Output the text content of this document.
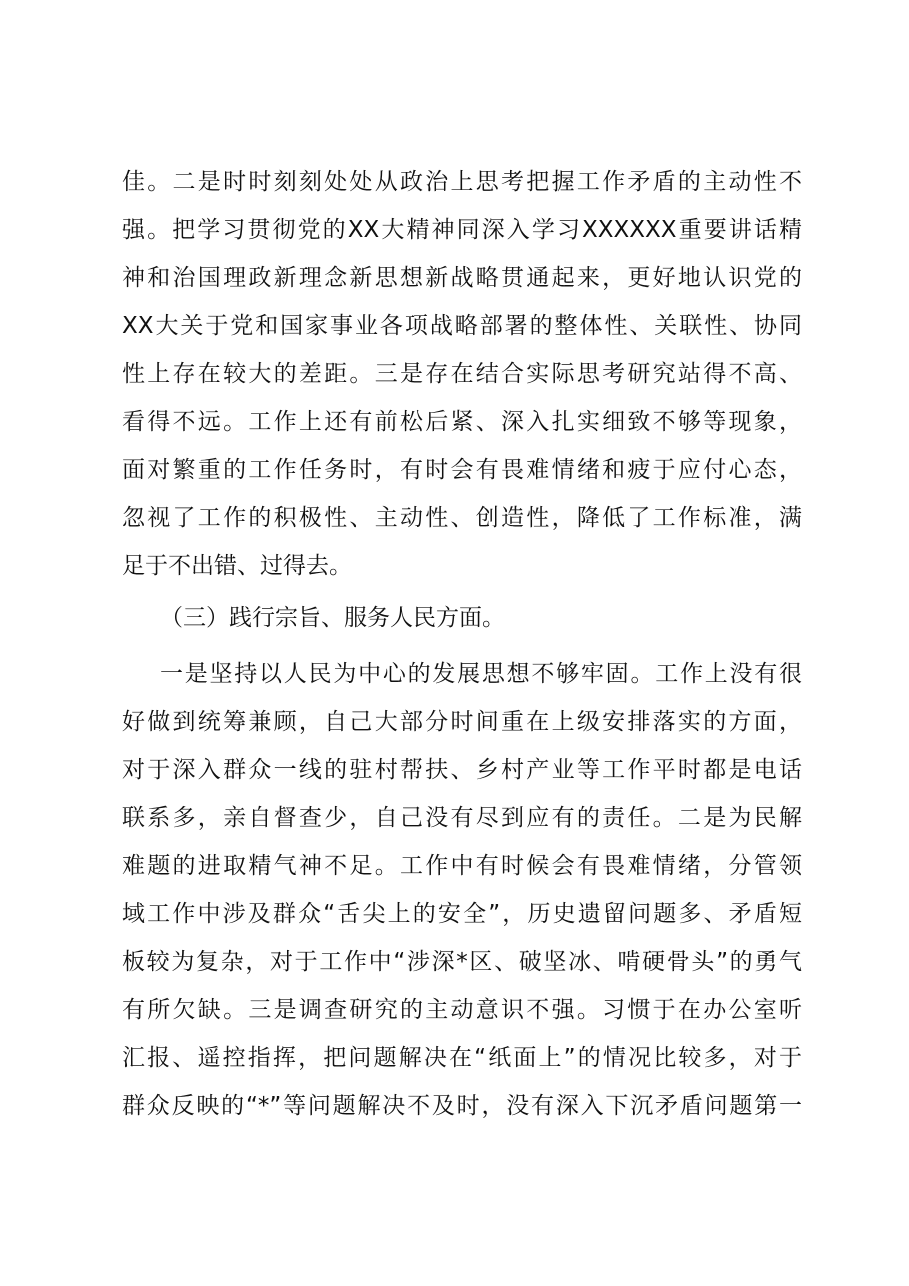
佳。二是时时刻刻处处从政治上思考把握工作矛盾的主动性不
强。把学习贯彻党的XX大精神同深入学习XXXXXX重要讲话精
神和治国理政新理念新思想新战略贯通起来，更好地认识党的
XX大关于党和国家事业各项战略部署的整体性、关联性、协同
性上存在较大的差距。三是存在结合实际思考研究站得不高、
看得不远。工作上还有前松后紧、深入扎实细致不够等现象，
面对繁重的工作任务时，有时会有畏难情绪和疲于应付心态，
忽视了工作的积极性、主动性、创造性，降低了工作标准，满
足于不出错、过得去。
（三）践行宗旨、服务人民方面。
一是坚持以人民为中心的发展思想不够牢固。工作上没有很
好做到统筹兼顾，自己大部分时间重在上级安排落实的方面，
对于深入群众一线的驻村帮扶、乡村产业等工作平时都是电话
联系多，亲自督查少，自己没有尽到应有的责任。二是为民解
难题的进取精气神不足。工作中有时候会有畏难情绪，分管领
域工作中涉及群众“舌尖上的安全”，历史遗留问题多、矛盾短
板较为复杂，对于工作中“涉深*区、破坚冰、啃硬骨头”的勇气
有所欠缺。三是调查研究的主动意识不强。习惯于在办公室听
汇报、遥控指挥，把问题解决在“纸面上”的情况比较多，对于
群众反映的“*”等问题解决不及时，没有深入下沉矛盾问题第一
